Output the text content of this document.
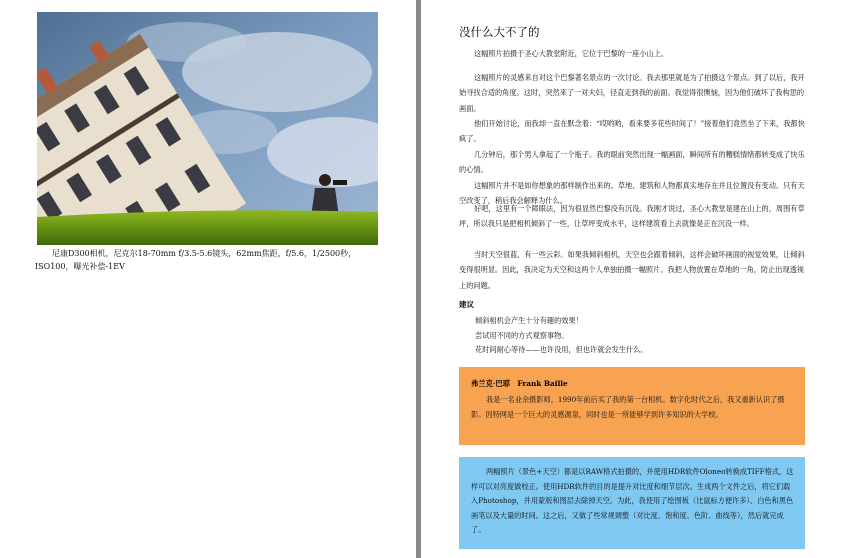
尼康D300相机，尼克尔18-70mm f/3.5-5.6镜头，62mm焦距，f/5.6，1/2500秒，ISO100，曝光补偿-1EV
没什么大不了的

这幅照片拍摄于圣心大教堂附近，它位于巴黎的一座小山上。

这幅照片的灵感来自对这个巴黎著名景点的一次讨论。我去那里就是为了拍摄这个景点。到了以后，我开始寻找合适的角度。这时，突然来了一对夫妇，径直走到我的前面。我觉得很懊恼，因为他们破坏了我构思的画面。

他们开始讨论，而我却一直在默念着：“哎哟哟，看来要多花些时间了！”接着他们竟然坐了下来，我都快疯了。

几分钟后，那个男人拿起了一个瓶子。我的眼前突然出现一幅画面，瞬间所有的糟糕情绪都转变成了快乐的心情。

这幅照片并不是如你想象的那样制作出来的。草地、建筑和人物都真实地存在并且位置没有变动。只有天空改变了，稍后我会解释为什么。

好吧，这里有一个障眼法，因为很显然巴黎没有沉没。我刚才说过，圣心大教堂是建在山上的，周围有草坪，所以我只是把相机倾斜了一些，让草坪变成水平，这样建筑看上去就像是正在沉没一样。

当时天空很蓝，有一些云彩。如果我倾斜相机，天空也会跟着倾斜，这样会破坏画面的视觉效果，让倾斜变得很明显。因此，我决定为天空和这两个人单独拍摄一幅照片。我把人物放置在草地的一角，防止出现透视上的问题。

建议
倾斜相机会产生十分有趣的效果！
尝试用不同的方式观察事物。
花时间耐心等待——也许没用，但也许就会发生什么。
弗兰克·巴耶　Frank Baille

我是一名业余摄影师，1990年前后买了我的第一台相机。数字化时代之后，我又重新认识了摄影。因特网是一个巨大的灵感源泉，同时也是一所能够学到许多知识的大学校。

两幅照片（景色+天空）都是以RAW格式拍摄的，并使用HDR软件Oloneo转换成TIFF格式，这样可以对亮度做校正。使用HDR软件的目的是提升对比度和细节层次。生成两个文件之后，将它们载入Photoshop，并用蒙版和图层去除掉天空。为此，我使用了绘图板（比鼠标方便许多）、白色和黑色画笔以及大量的时间。这之后，又做了些常规调整（对比度、饱和度、色阶、曲线等），然后就完成了。
